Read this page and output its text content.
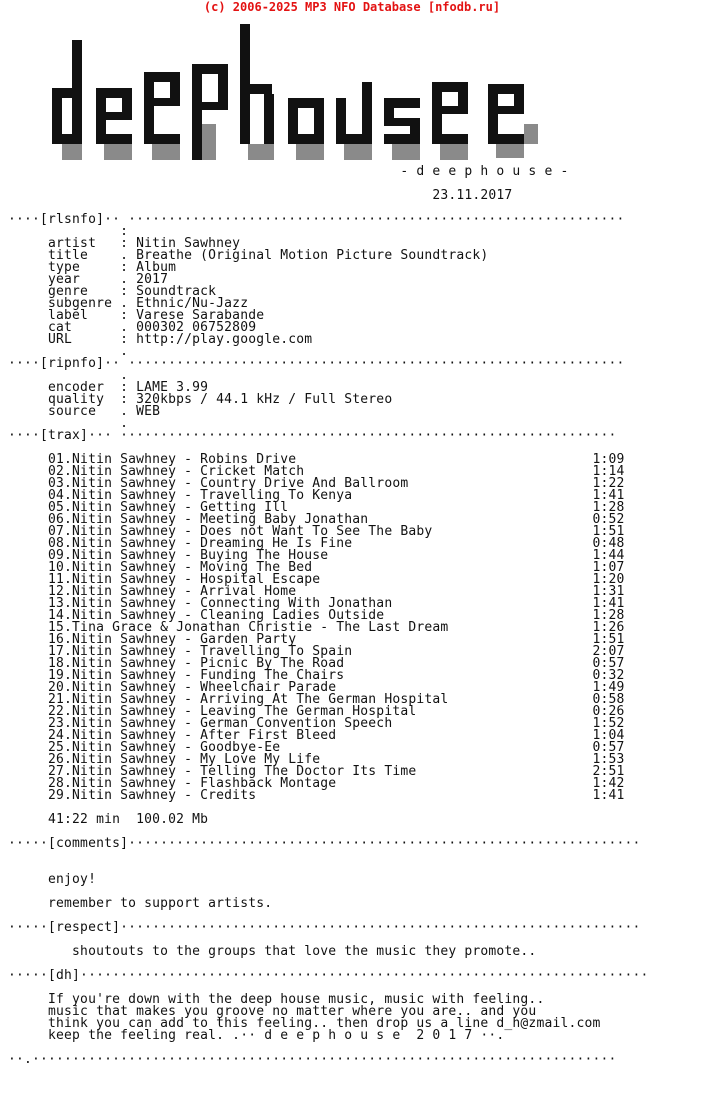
(c) 2006-2025 MP3 NFO Database [nfodb.ru]
- d e e p h o u s e -
23.11.2017
····[rlsnfo]·· ······························································
:
artist   : Nitin Sawhney
title    . Breathe (Original Motion Picture Soundtrack)
type     : Album
year     . 2017
genre    : Soundtrack
subgenre . Ethnic/Nu-Jazz
label    : Varese Sarabande
cat      . 000302 06752809
URL      : http://play.google.com
.
····[ripnfo]·· ······························································
.
encoder  : LAME 3.99
quality  : 320kbps / 44.1 kHz / Full Stereo
source   . WEB
.
····[trax]··· ······························································
01.Nitin Sawhney - Robins Drive                                     1:09
02.Nitin Sawhney - Cricket Match                                    1:14
03.Nitin Sawhney - Country Drive And Ballroom                       1:22
04.Nitin Sawhney - Travelling To Kenya                              1:41
05.Nitin Sawhney - Getting Ill                                      1:28
06.Nitin Sawhney - Meeting Baby Jonathan                            0:52
07.Nitin Sawhney - Does not Want To See The Baby                    1:51
08.Nitin Sawhney - Dreaming He Is Fine                              0:48
09.Nitin Sawhney - Buying The House                                 1:44
10.Nitin Sawhney - Moving The Bed                                   1:07
11.Nitin Sawhney - Hospital Escape                                  1:20
12.Nitin Sawhney - Arrival Home                                     1:31
13.Nitin Sawhney - Connecting With Jonathan                         1:41
14.Nitin Sawhney - Cleaning Ladies Outside                          1:28
15.Tina Grace & Jonathan Christie - The Last Dream                  1:26
16.Nitin Sawhney - Garden Party                                     1:51
17.Nitin Sawhney - Travelling To Spain                              2:07
18.Nitin Sawhney - Picnic By The Road                               0:57
19.Nitin Sawhney - Funding The Chairs                               0:32
20.Nitin Sawhney - Wheelchair Parade                                1:49
21.Nitin Sawhney - Arriving At The German Hospital                  0:58
22.Nitin Sawhney - Leaving The German Hospital                      0:26
23.Nitin Sawhney - German Convention Speech                         1:52
24.Nitin Sawhney - After First Bleed                                1:04
25.Nitin Sawhney - Goodbye-Ee                                       0:57
26.Nitin Sawhney - My Love My Life                                  1:53
27.Nitin Sawhney - Telling The Doctor Its Time                      2:51
28.Nitin Sawhney - Flashback Montage                                1:42
29.Nitin Sawhney - Credits                                          1:41
41:22 min  100.02 Mb
·····[comments]································································
enjoy!
remember to support artists.
·····[respect]·································································
shoutouts to the groups that love the music they promote..
·····[dh]·······································································
If you're down with the deep house music, music with feeling..
music that makes you groove no matter where you are.. and you
think you can add to this feeling.. then drop us a line d_h@zmail.com
keep the feeling real. .·· d e e p h o u s e  2 0 1 7 ··.
··.·········································································
